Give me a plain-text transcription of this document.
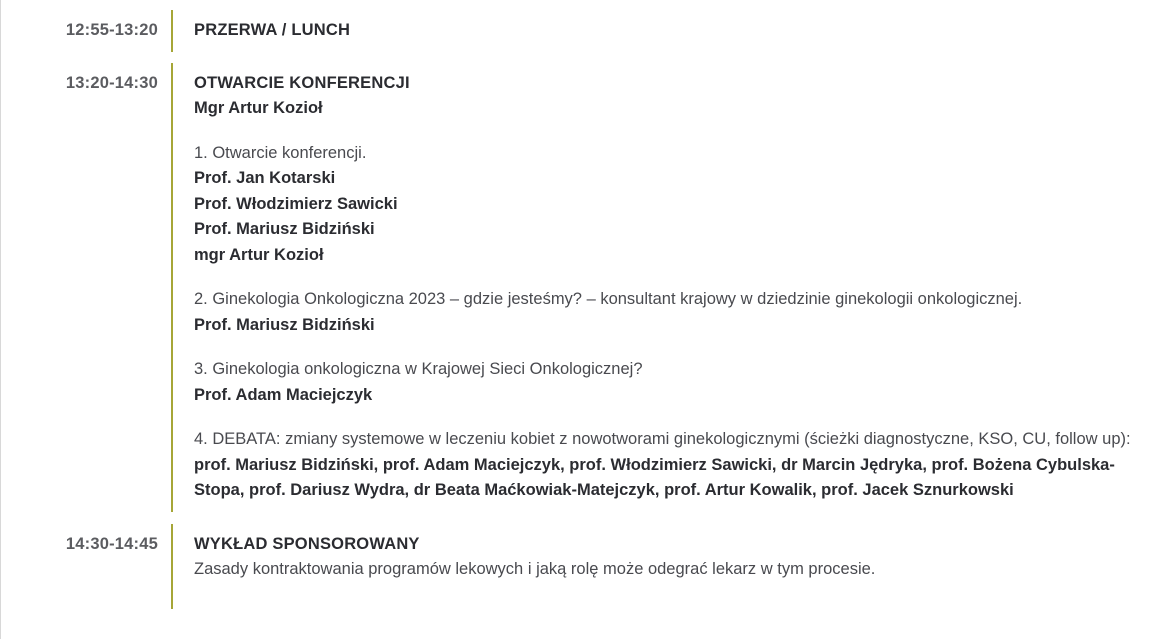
12:55-13:20 PRZERWA / LUNCH
13:20-14:30 OTWARCIE KONFERENCJI
Mgr Artur Kozioł
1. Otwarcie konferencji.
Prof. Jan Kotarski
Prof. Włodzimierz Sawicki
Prof. Mariusz Bidziński
mgr Artur Kozioł
2. Ginekologia Onkologiczna 2023 – gdzie jesteśmy? – konsultant krajowy w dziedzinie ginekologii onkologicznej.
Prof. Mariusz Bidziński
3. Ginekologia onkologiczna w Krajowej Sieci Onkologicznej?
Prof. Adam Maciejczyk
4. DEBATA: zmiany systemowe w leczeniu kobiet z nowotworami ginekologicznymi (ścieżki diagnostyczne, KSO, CU, follow up): prof. Mariusz Bidziński, prof. Adam Maciejczyk, prof. Włodzimierz Sawicki, dr Marcin Jędryka, prof. Bożena Cybulska-Stopa, prof. Dariusz Wydra, dr Beata Maćkowiak-Matejczyk, prof. Artur Kowalik, prof. Jacek Sznurkowski
14:30-14:45 WYKŁAD SPONSOROWANY
Zasady kontraktowania programów lekowych i jaką rolę może odegrać lekarz w tym procesie.
